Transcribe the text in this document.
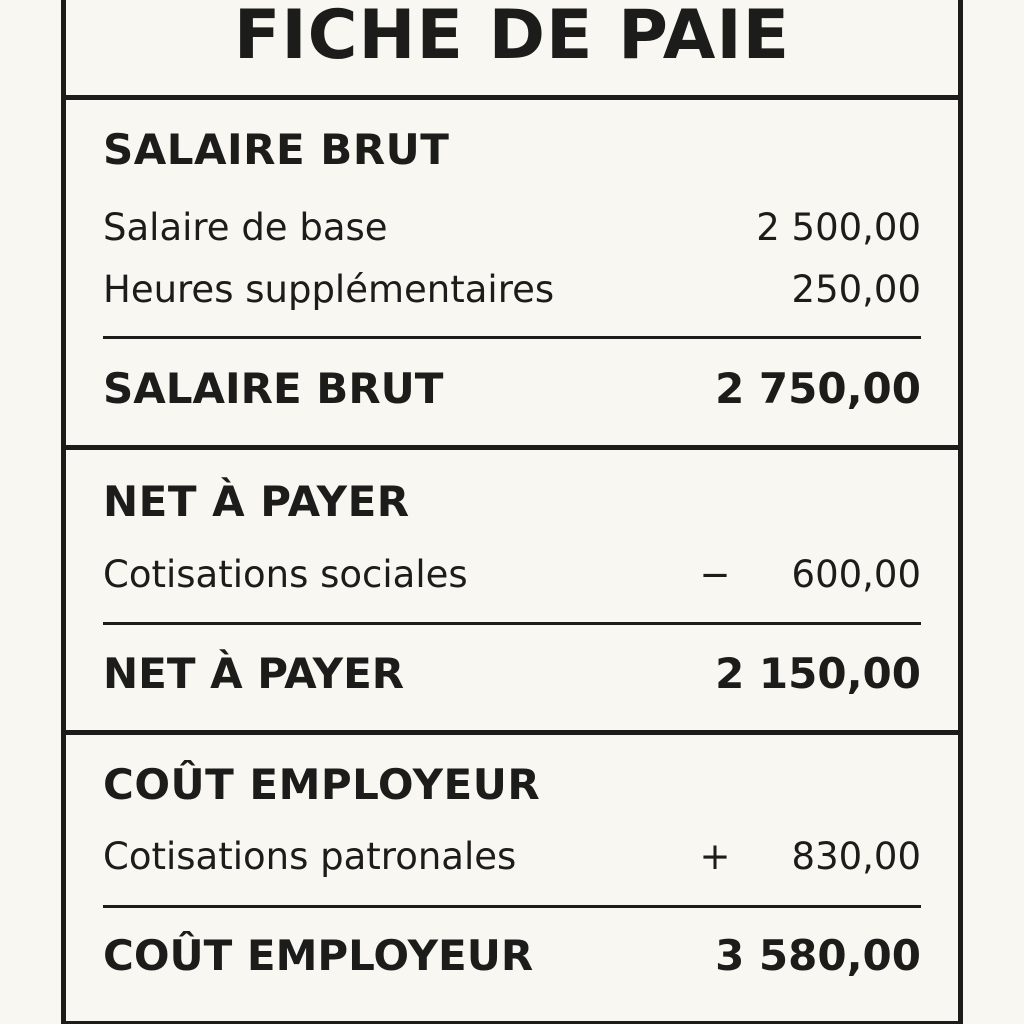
FICHE DE PAIE
SALAIRE BRUT
Salaire de base	2 500,00
Heures supplémentaires	250,00
SALAIRE BRUT	2 750,00
NET À PAYER
Cotisations sociales	− 600,00
NET À PAYER	2 150,00
COÛT EMPLOYEUR
Cotisations patronales	+ 830,00
COÛT EMPLOYEUR	3 580,00
